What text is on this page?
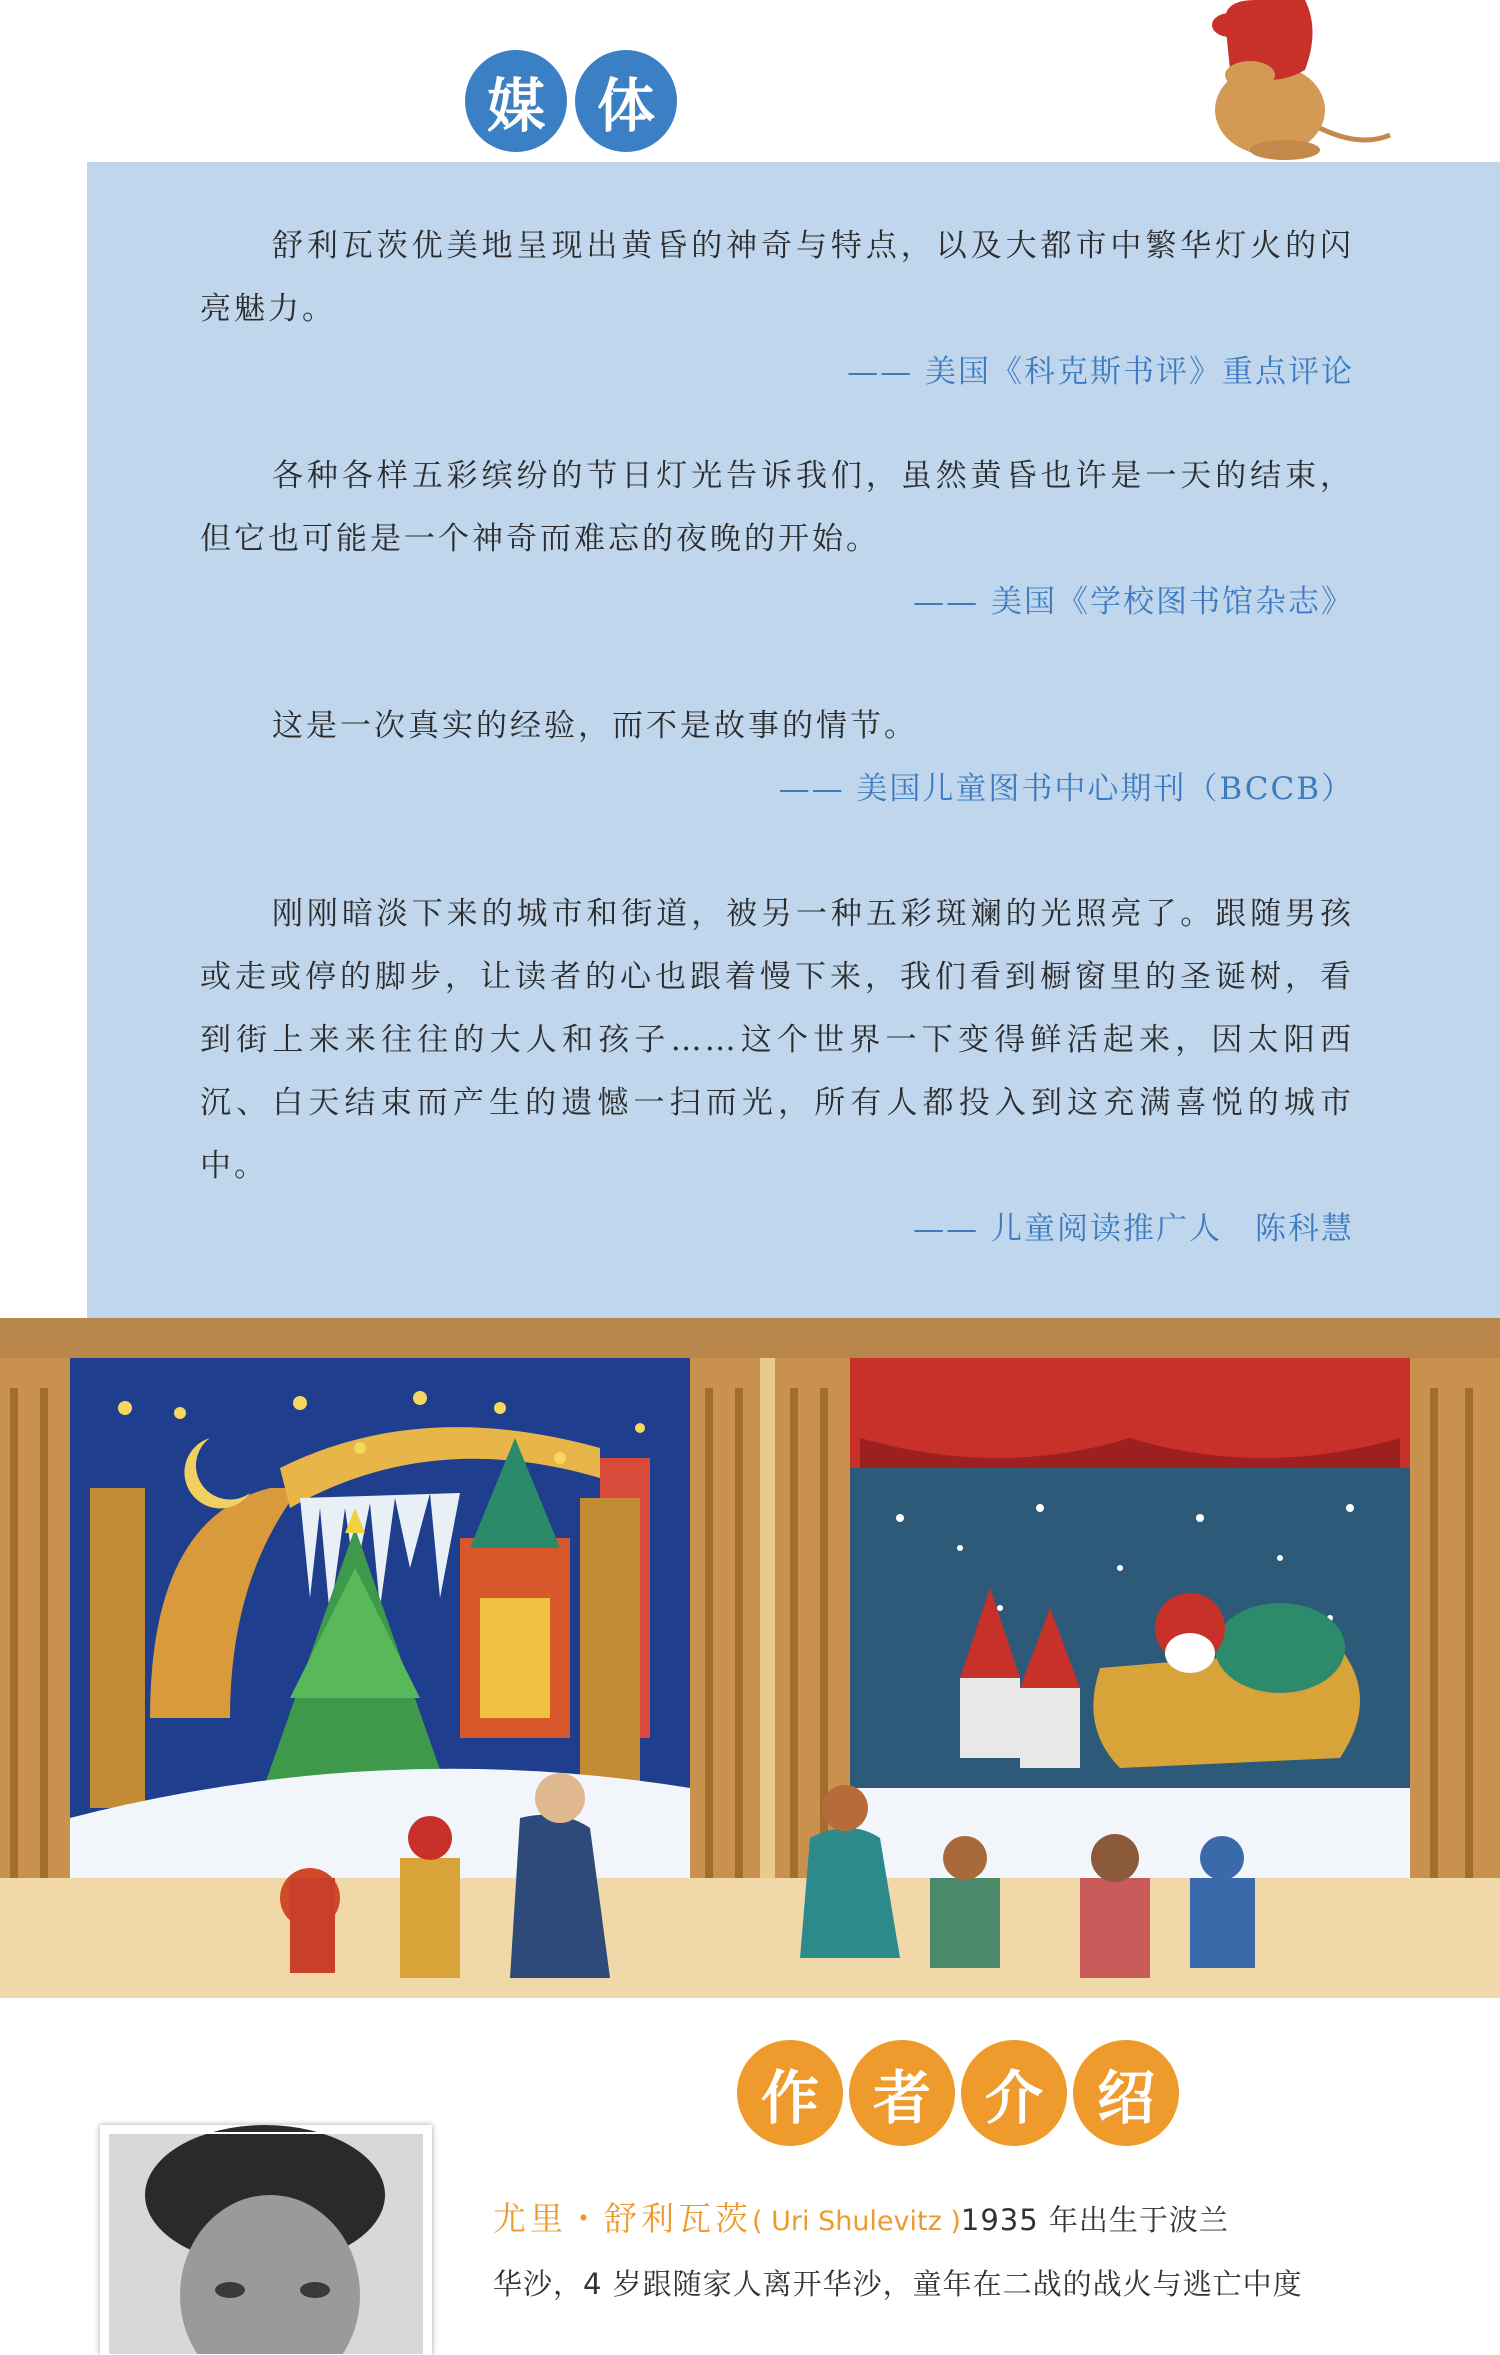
媒 体

舒利瓦茨优美地呈现出黄昏的神奇与特点，以及大都市中繁华灯火的闪亮魅力。

—— 美国《科克斯书评》重点评论

各种各样五彩缤纷的节日灯光告诉我们，虽然黄昏也许是一天的结束，但它也可能是一个神奇而难忘的夜晚的开始。

—— 美国《学校图书馆杂志》

这是一次真实的经验，而不是故事的情节。

—— 美国儿童图书中心期刊（BCCB）

刚刚暗淡下来的城市和街道，被另一种五彩斑斓的光照亮了。跟随男孩或走或停的脚步，让读者的心也跟着慢下来，我们看到橱窗里的圣诞树，看到街上来来往往的大人和孩子……这个世界一下变得鲜活起来，因太阳西沉、白天结束而产生的遗憾一扫而光，所有人都投入到这充满喜悦的城市中。

—— 儿童阅读推广人　陈科慧
作 者 介 绍
尤里・舒利瓦茨( Uri Shulevitz )1935 年出生于波兰
华沙，4 岁跟随家人离开华沙，童年在二战的战火与逃亡中度
